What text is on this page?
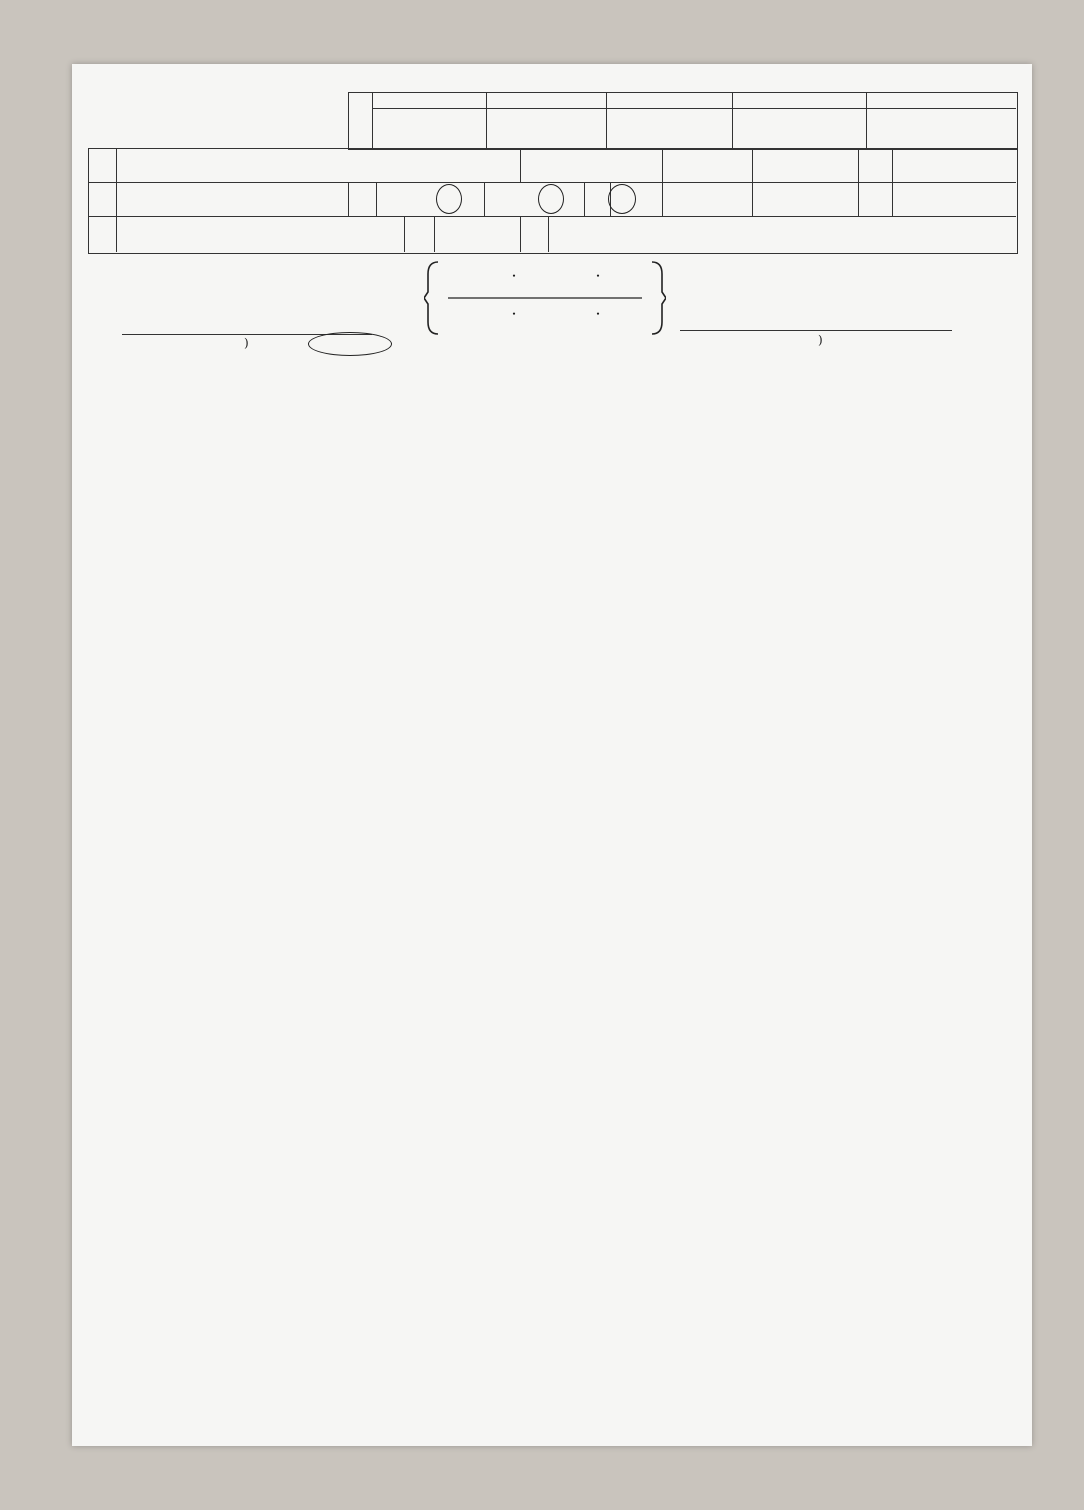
・	・
・	・
)	)
